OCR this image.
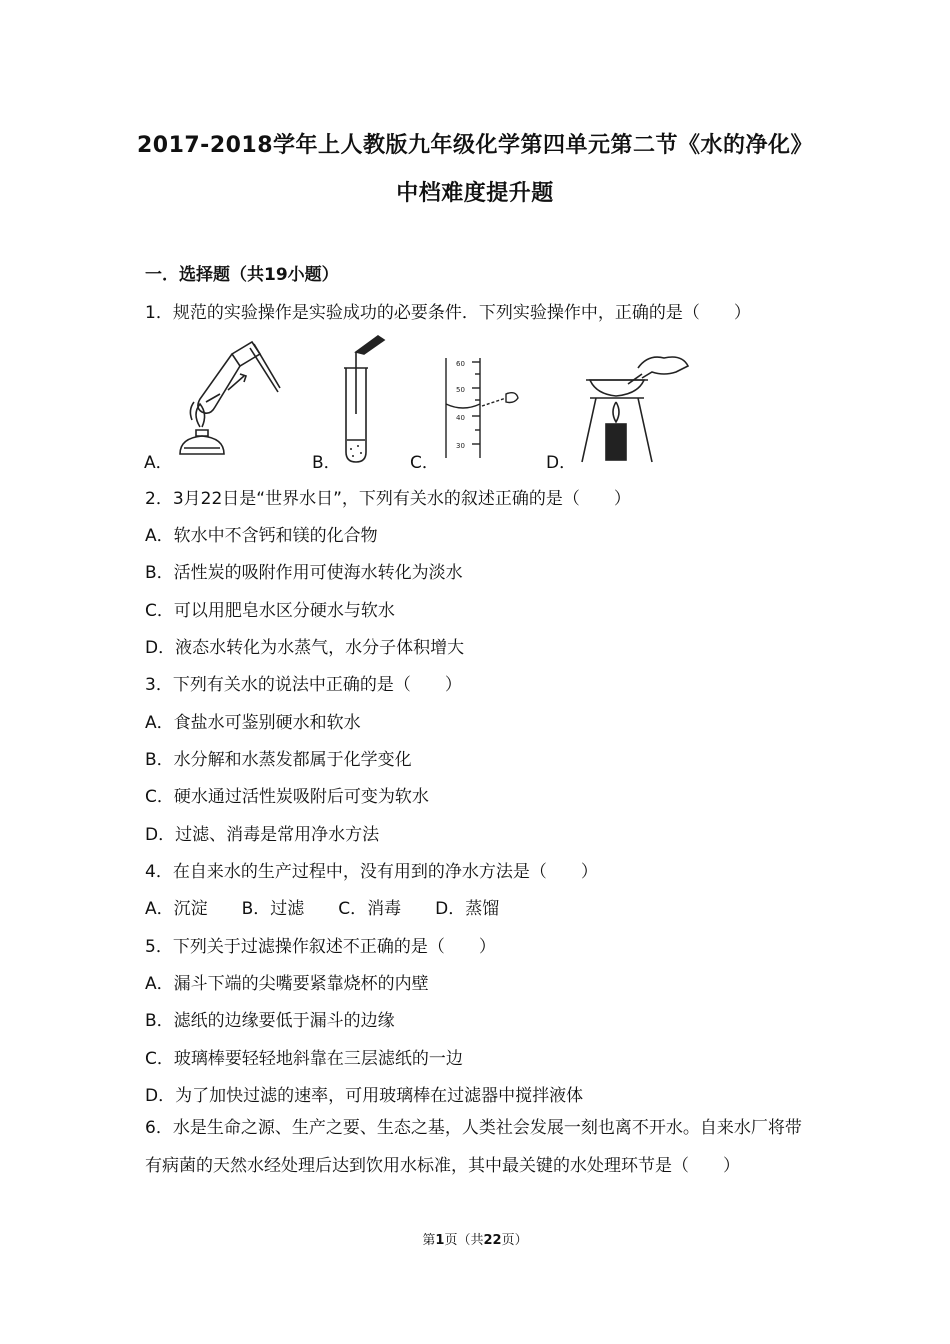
2017-2018学年上人教版九年级化学第四单元第二节《水的净化》
中档难度提升题
一．选择题（共19小题）
1．规范的实验操作是实验成功的必要条件．下列实验操作中，正确的是（　　）
A．	B．	C．
60
50
40
30
D．
2．3月22日是“世界水日”，下列有关水的叙述正确的是（　　）
A．软水中不含钙和镁的化合物
B．活性炭的吸附作用可使海水转化为淡水
C．可以用肥皂水区分硬水与软水
D．液态水转化为水蒸气，水分子体积增大
3．下列有关水的说法中正确的是（　　）
A．食盐水可鉴别硬水和软水
B．水分解和水蒸发都属于化学变化
C．硬水通过活性炭吸附后可变为软水
D．过滤、消毒是常用净水方法
4．在自来水的生产过程中，没有用到的净水方法是（　　）
A．沉淀　　B．过滤　　C．消毒　　D．蒸馏
5．下列关于过滤操作叙述不正确的是（　　）
A．漏斗下端的尖嘴要紧靠烧杯的内壁
B．滤纸的边缘要低于漏斗的边缘
C．玻璃棒要轻轻地斜靠在三层滤纸的一边
D．为了加快过滤的速率，可用玻璃棒在过滤器中搅拌液体
6．水是生命之源、生产之要、生态之基，人类社会发展一刻也离不开水。自来水厂将带有病菌的天然水经处理后达到饮用水标准，其中最关键的水处理环节是（　　）
第1页（共22页）
